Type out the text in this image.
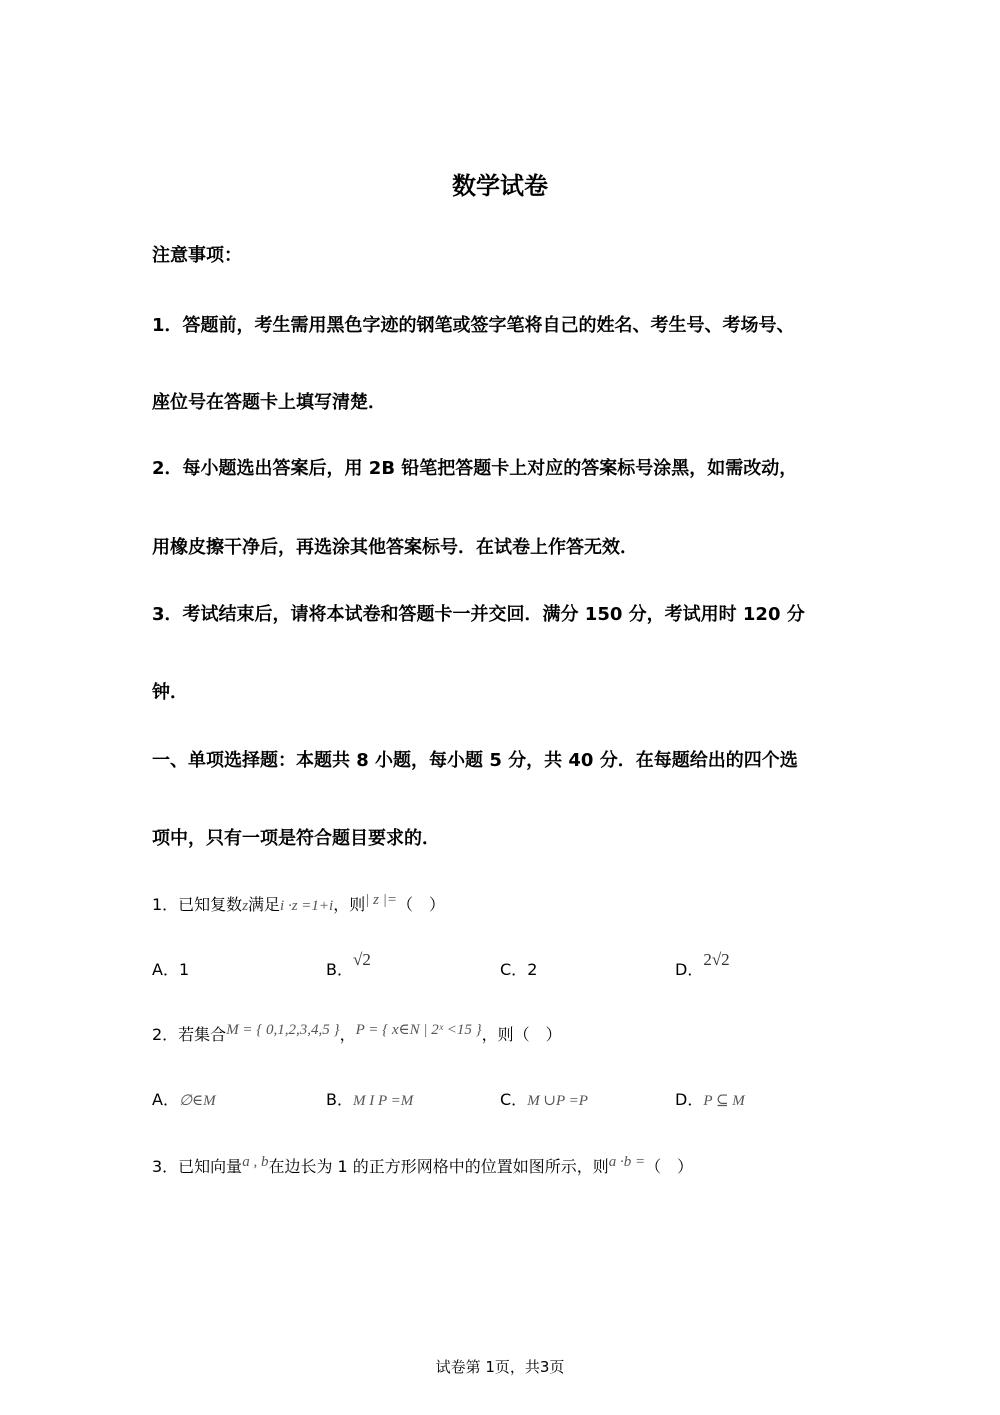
数学试卷
注意事项：
1．答题前，考生需用黑色字迹的钢笔或签字笔将自己的姓名、考生号、考场号、
座位号在答题卡上填写清楚．
2．每小题选出答案后，用 2B 铅笔把答题卡上对应的答案标号涂黑，如需改动，
用橡皮擦干净后，再选涂其他答案标号．在试卷上作答无效．
3．考试结束后，请将本试卷和答题卡一并交回．满分 150 分，考试用时 120 分
钟．
一、单项选择题：本题共 8 小题，每小题 5 分，共 40 分．在每题给出的四个选
项中，只有一项是符合题目要求的．
1．已知复数z满足i ·z =1+i，则| z |=（　）
A．1	B．√2
C．2	D．2√2
2．若集合M = { 0,1,2,3,4,5 }，P = { x∈N | 2ˣ <15 }，则（　）
A．∅∈M	B．M I P =M	C．M ∪P =P	D．P ⊆ M
3．已知向量a , b在边长为 1 的正方形网格中的位置如图所示，则a ·b =（　）
试卷第 1页，共3页
